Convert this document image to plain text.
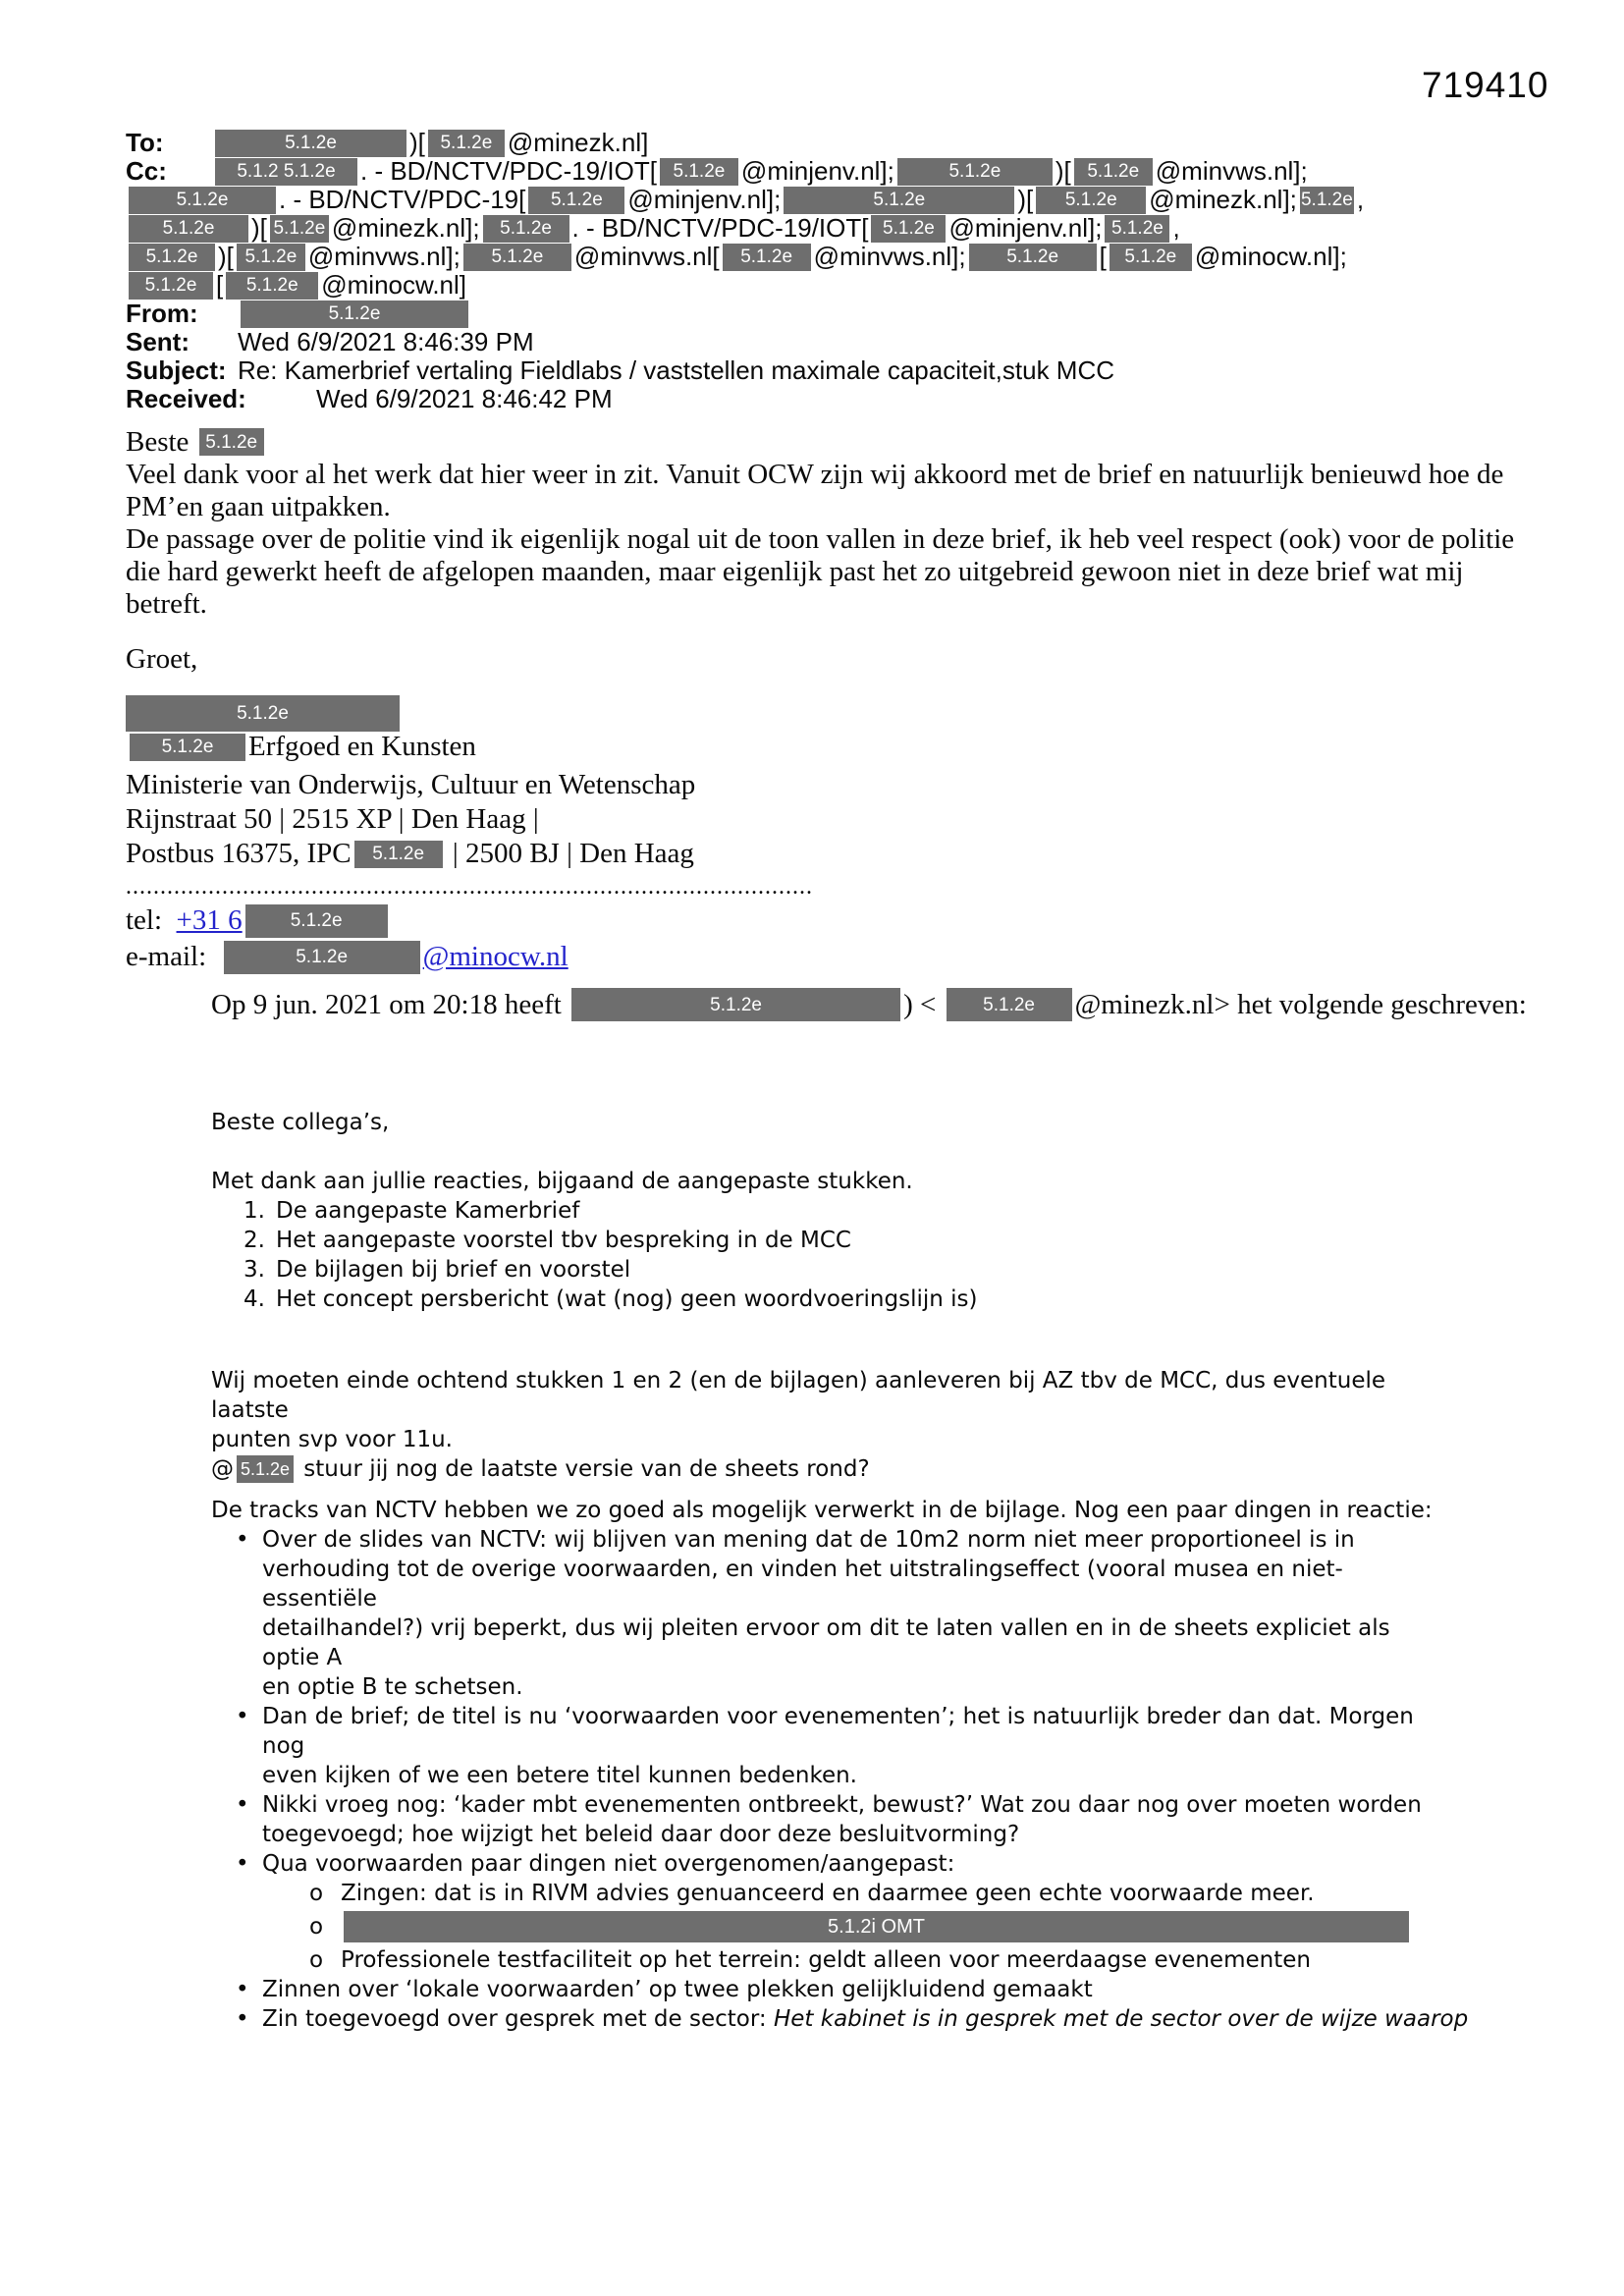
719410
To:	5.1.2e	)[ 5.1.2e @minezk.nl]
Cc:	5.1.2 5.1.2e . - BD/NCTV/PDC-19/IOT[ 5.1.2e @minjenv.nl];	5.1.2e	)[ 5.1.2e @minvws.nl];
5.1.2e	. - BD/NCTV/PDC-19[	5.1.2e @minjenv.nl];	5.1.2e	)[	5.1.2e	@minezk.nl]; 5.1.2e ,
5.1.2e	)[ 5.1.2e @minezk.nl];	5.1.2e . - BD/NCTV/PDC-19/IOT[ 5.1.2e @minjenv.nl]; 5.1.2e ,
5.1.2e )[ 5.1.2e @minvws.nl];	5.1.2e	@minvws.nl[	5.1.2e @minvws.nl];	5.1.2e	[ 5.1.2e @minocw.nl];
5.1.2e [	5.1.2e @minocw.nl]
From:	5.1.2e
Sent:	Wed 6/9/2021 8:46:39 PM
Subject: Re: Kamerbrief vertaling Fieldlabs / vaststellen maximale capaciteit,stuk MCC
Received:	Wed 6/9/2021 8:46:42 PM
Beste 5.1.2e
Veel dank voor al het werk dat hier weer in zit. Vanuit OCW zijn wij akkoord met de brief en natuurlijk benieuwd hoe de
PM’en gaan uitpakken.
De passage over de politie vind ik eigenlijk nogal uit de toon vallen in deze brief, ik heb veel respect (ook) voor de politie
die hard gewerkt heeft de afgelopen maanden, maar eigenlijk past het zo uitgebreid gewoon niet in deze brief wat mij
betreft.
Groet,
5.1.2e
5.1.2e	Erfgoed en Kunsten
Ministerie van Onderwijs, Cultuur en Wetenschap
Rijnstraat 50 | 2515 XP | Den Haag |
Postbus 16375, IPC	5.1.2e | 2500 BJ | Den Haag
....................................................................................................
tel: +31 6	5.1.2e
e-mail:	5.1.2e	@minocw.nl
Op 9 jun. 2021 om 20:18 heeft	5.1.2e	) <	5.1.2e	@minezk.nl> het volgende geschreven:
Beste collega’s,
Met dank aan jullie reacties, bijgaand de aangepaste stukken.
1. De aangepaste Kamerbrief
2. Het aangepaste voorstel tbv bespreking in de MCC
3. De bijlagen bij brief en voorstel
4. Het concept persbericht (wat (nog) geen woordvoeringslijn is)
Wij moeten einde ochtend stukken 1 en 2 (en de bijlagen) aanleveren bij AZ tbv de MCC, dus eventuele laatste
punten svp voor 11u.
@ 5.1.2e stuur jij nog de laatste versie van de sheets rond?
De tracks van NCTV hebben we zo goed als mogelijk verwerkt in de bijlage. Nog een paar dingen in reactie:
• Over de slides van NCTV: wij blijven van mening dat de 10m2 norm niet meer proportioneel is in
verhouding tot de overige voorwaarden, en vinden het uitstralingseffect (vooral musea en niet-essentiële
detailhandel?) vrij beperkt, dus wij pleiten ervoor om dit te laten vallen en in de sheets expliciet als optie A
en optie B te schetsen.
• Dan de brief; de titel is nu ‘voorwaarden voor evenementen’; het is natuurlijk breder dan dat. Morgen nog
even kijken of we een betere titel kunnen bedenken.
• Nikki vroeg nog: ‘kader mbt evenementen ontbreekt, bewust?’ Wat zou daar nog over moeten worden
toegevoegd; hoe wijzigt het beleid daar door deze besluitvorming?
• Qua voorwaarden paar dingen niet overgenomen/aangepast:
o Zingen: dat is in RIVM advies genuanceerd en daarmee geen echte voorwaarde meer.
o	5.1.2i OMT
o Professionele testfaciliteit op het terrein: geldt alleen voor meerdaagse evenementen
• Zinnen over ‘lokale voorwaarden’ op twee plekken gelijkluidend gemaakt
• Zin toegevoegd over gesprek met de sector: Het kabinet is in gesprek met de sector over de wijze waarop
